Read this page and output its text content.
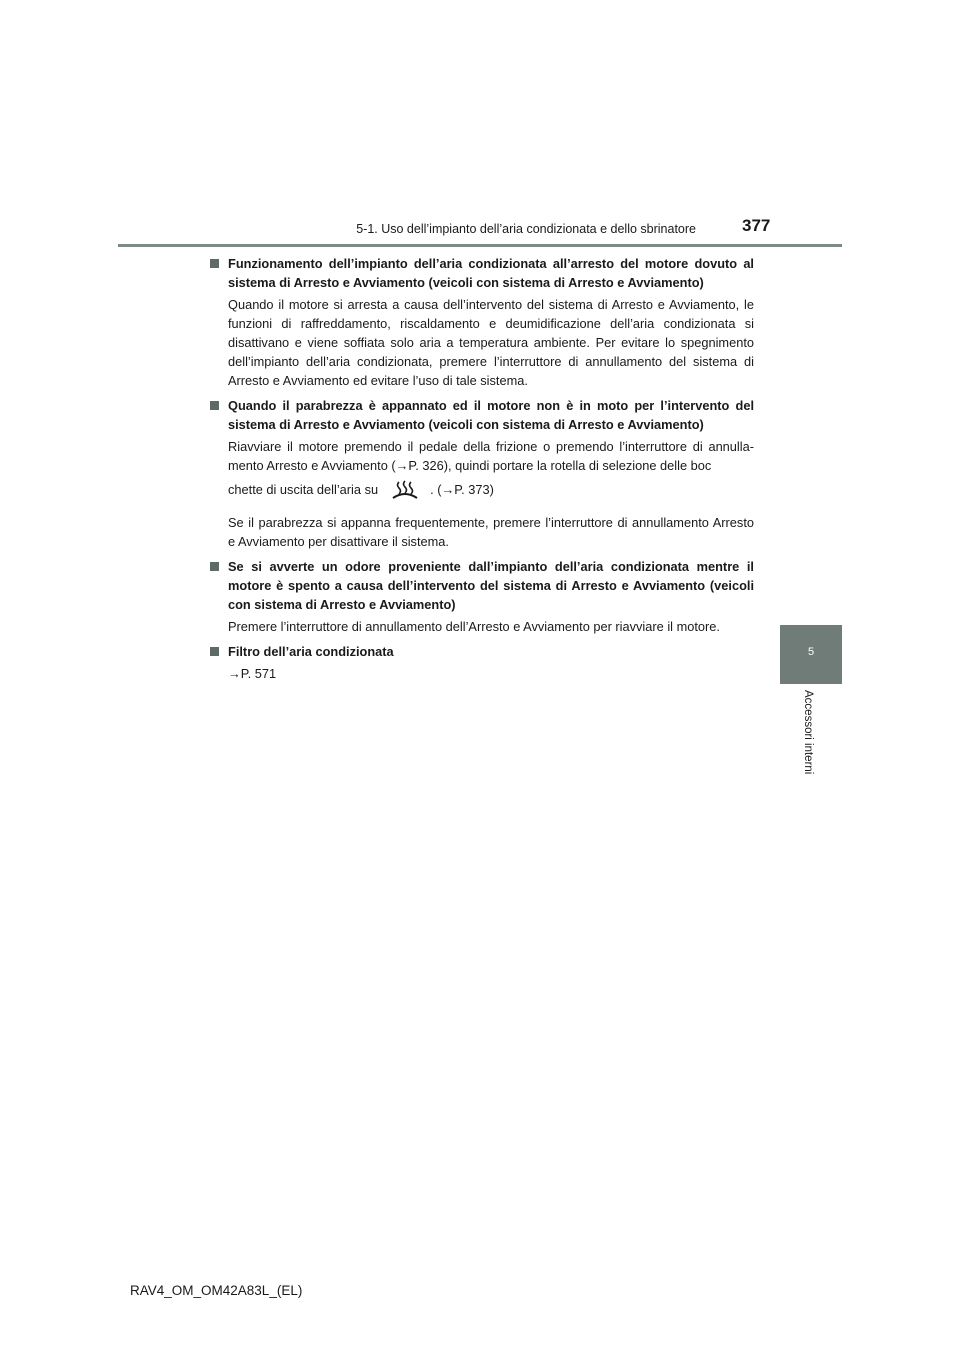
5-1. Uso dell’impianto dell’aria condizionata e dello sbrinatore	377
5
Accessori interni
Funzionamento dell’impianto dell’aria condizionata all’arresto del motore dovuto al sistema di Arresto e Avviamento (veicoli con sistema di Arresto e Avviamento)

Quando il motore si arresta a causa dell’intervento del sistema di Arresto e Avviamento, le funzioni di raffreddamento, riscaldamento e deumidificazione dell’aria condizionata si disattivano e viene soffiata solo aria a temperatura ambiente. Per evitare lo spegnimento dell’impianto dell’aria condizionata, premere l’interruttore di annullamento del sistema di Arresto e Avviamento ed evitare l’uso di tale sistema.

Quando il parabrezza è appannato ed il motore non è in moto per l’intervento del sistema di Arresto e Avviamento (veicoli con sistema di Arresto e Avviamento)

Riavviare il motore premendo il pedale della frizione o premendo l’interruttore di annullamento Arresto e Avviamento (→P. 326), quindi portare la rotella di selezione delle boc

chette di uscita dell’aria su	. (→P. 373)

Se il parabrezza si appanna frequentemente, premere l’interruttore di annullamento Arresto e Avviamento per disattivare il sistema.

Se si avverte un odore proveniente dall’impianto dell’aria condizionata mentre il motore è spento a causa dell’intervento del sistema di Arresto e Avviamento (veicoli con sistema di Arresto e Avviamento)

Premere l’interruttore di annullamento dell’Arresto e Avviamento per riavviare il motore.

Filtro dell’aria condizionata

→P. 571

RAV4_OM_OM42A83L_(EL)
